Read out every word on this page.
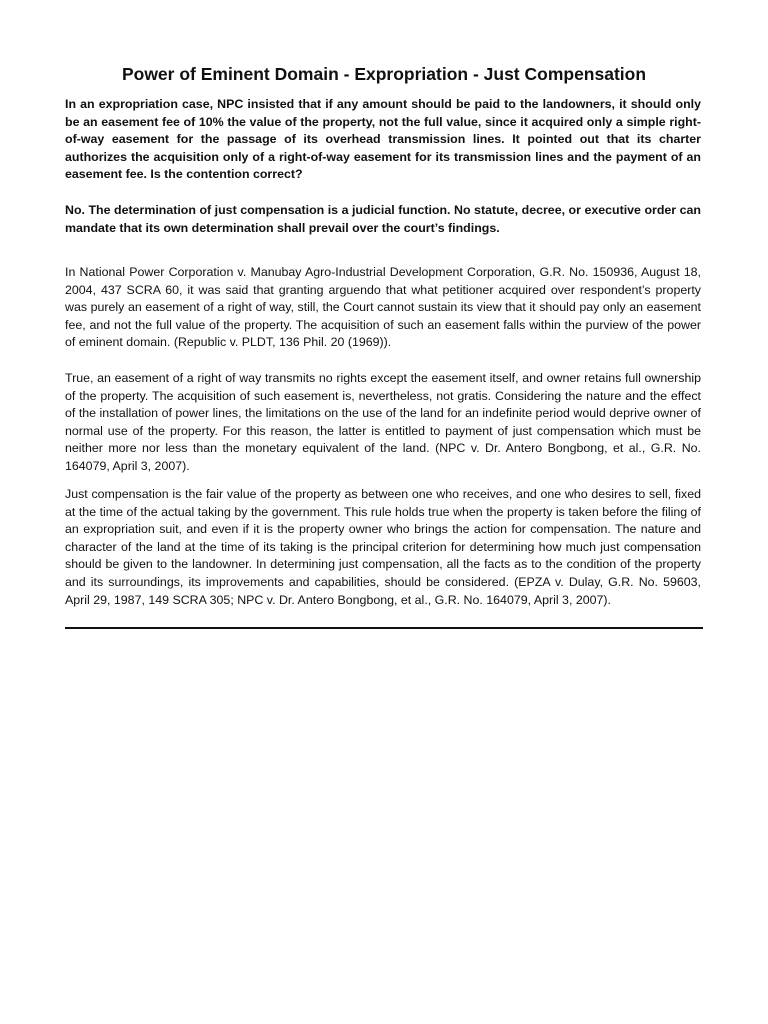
Power of Eminent Domain - Expropriation - Just Compensation

In an expropriation case, NPC insisted that if any amount should be paid to the landowners, it should only be an easement fee of 10% the value of the property, not the full value, since it acquired only a simple right-of-way easement for the passage of its overhead transmission lines. It pointed out that its charter authorizes the acquisition only of a right-of-way easement for its transmission lines and the payment of an easement fee. Is the contention correct?

No. The determination of just compensation is a judicial function. No statute, decree, or executive order can mandate that its own determination shall prevail over the court’s findings.

In National Power Corporation v. Manubay Agro-Industrial Development Corporation, G.R. No. 150936, August 18, 2004, 437 SCRA 60, it was said that granting arguendo that what petitioner acquired over respondent’s property was purely an easement of a right of way, still, the Court cannot sustain its view that it should pay only an easement fee, and not the full value of the property. The acquisition of such an easement falls within the purview of the power of eminent domain. (Republic v. PLDT, 136 Phil. 20 (1969)).

True, an easement of a right of way transmits no rights except the easement itself, and owner retains full ownership of the property. The acquisition of such easement is, nevertheless, not gratis. Considering the nature and the effect of the installation of power lines, the limitations on the use of the land for an indefinite period would deprive owner of normal use of the property. For this reason, the latter is entitled to payment of just compensation which must be neither more nor less than the monetary equivalent of the land. (NPC v. Dr. Antero Bongbong, et al., G.R. No. 164079, April 3, 2007).

Just compensation is the fair value of the property as between one who receives, and one who desires to sell, fixed at the time of the actual taking by the government. This rule holds true when the property is taken before the filing of an expropriation suit, and even if it is the property owner who brings the action for compensation. The nature and character of the land at the time of its taking is the principal criterion for determining how much just compensation should be given to the landowner. In determining just compensation, all the facts as to the condition of the property and its surroundings, its improvements and capabilities, should be considered. (EPZA v. Dulay, G.R. No. 59603, April 29, 1987, 149 SCRA 305; NPC v. Dr. Antero Bongbong, et al., G.R. No. 164079, April 3, 2007).
